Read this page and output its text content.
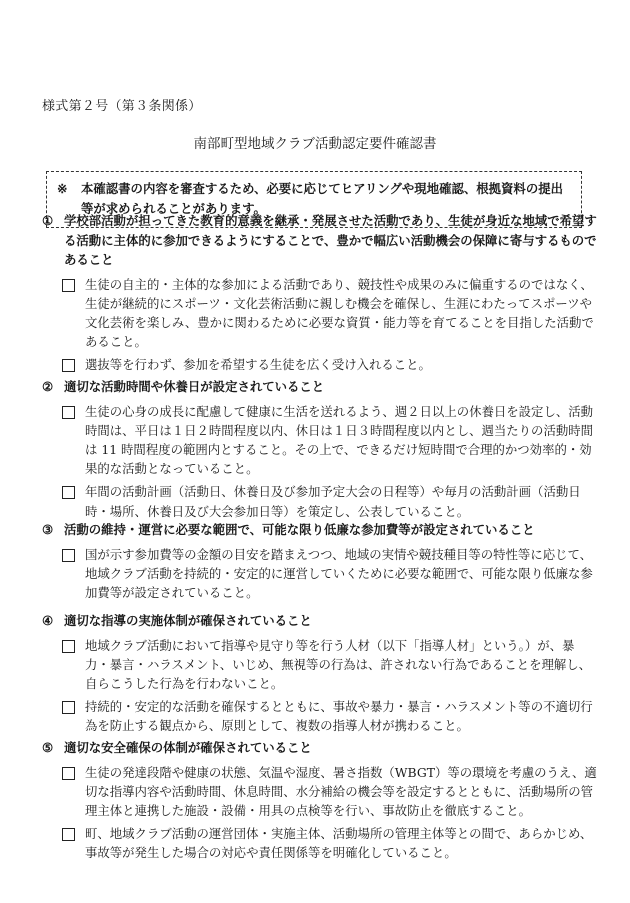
様式第２号（第３条関係）
南部町型地域クラブ活動認定要件確認書
※	本確認書の内容を審査するため、必要に応じてヒアリングや現地確認、根拠資料の提出等が求められることがあります。
① 学校部活動が担ってきた教育的意義を継承・発展させた活動であり、生徒が身近な地域で希望する活動に主体的に参加できるようにすることで、豊かで幅広い活動機会の保障に寄与するものであること
生徒の自主的・主体的な参加による活動であり、競技性や成果のみに偏重するのではなく、生徒が継続的にスポーツ・文化芸術活動に親しむ機会を確保し、生涯にわたってスポーツや文化芸術を楽しみ、豊かに関わるために必要な資質・能力等を育てることを目指した活動であること。
選抜等を行わず、参加を希望する生徒を広く受け入れること。
② 適切な活動時間や休養日が設定されていること
生徒の心身の成長に配慮して健康に生活を送れるよう、週２日以上の休養日を設定し、活動時間は、平日は１日２時間程度以内、休日は１日３時間程度以内とし、週当たりの活動時間は 11 時間程度の範囲内とすること。その上で、できるだけ短時間で合理的かつ効率的・効果的な活動となっていること。
年間の活動計画（活動日、休養日及び参加予定大会の日程等）や毎月の活動計画（活動日時・場所、休養日及び大会参加日等）を策定し、公表していること。
③ 活動の維持・運営に必要な範囲で、可能な限り低廉な参加費等が設定されていること
国が示す参加費等の金額の目安を踏まえつつ、地域の実情や競技種目等の特性等に応じて、地域クラブ活動を持続的・安定的に運営していくために必要な範囲で、可能な限り低廉な参加費等が設定されていること。
④ 適切な指導の実施体制が確保されていること
地域クラブ活動において指導や見守り等を行う人材（以下「指導人材」という。）が、暴力・暴言・ハラスメント、いじめ、無視等の行為は、許されない行為であることを理解し、自らこうした行為を行わないこと。
持続的・安定的な活動を確保するとともに、事故や暴力・暴言・ハラスメント等の不適切行為を防止する観点から、原則として、複数の指導人材が携わること。
⑤ 適切な安全確保の体制が確保されていること
生徒の発達段階や健康の状態、気温や湿度、暑さ指数（WBGT）等の環境を考慮のうえ、適切な指導内容や活動時間、休息時間、水分補給の機会等を設定するとともに、活動場所の管理主体と連携した施設・設備・用具の点検等を行い、事故防止を徹底すること。
町、地域クラブ活動の運営団体・実施主体、活動場所の管理主体等との間で、あらかじめ、事故等が発生した場合の対応や責任関係等を明確化していること。
